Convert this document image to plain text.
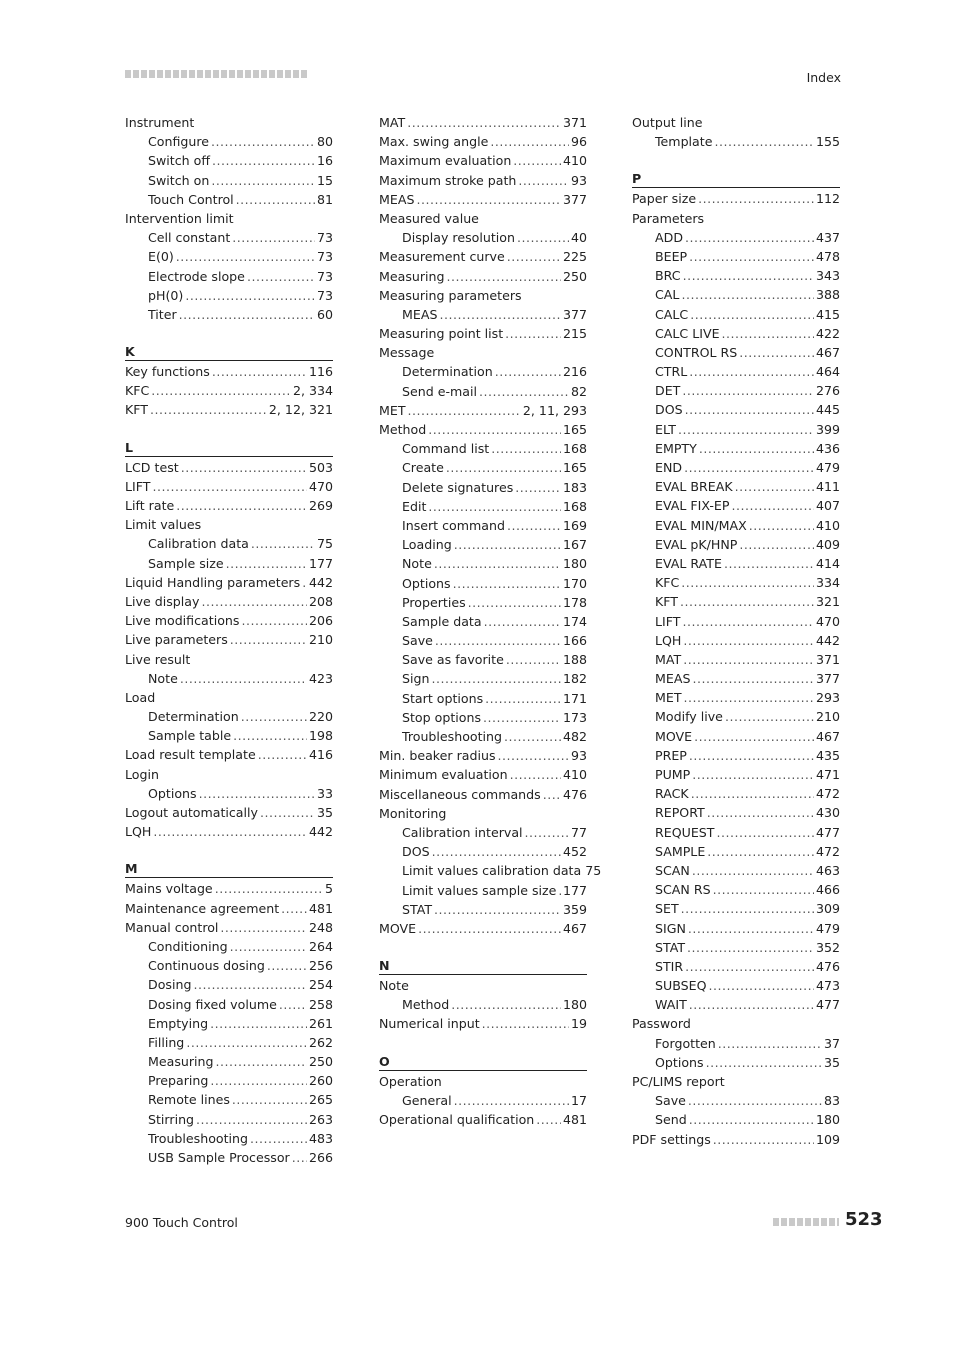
Index
Instrument
Configure .....	80
Switch off .....	16
Switch on .....	15
Touch Control .....	81
Intervention limit
Cell constant .....	73
E(0) .....	73
Electrode slope .....	73
pH(0) .....	73
Titer .....	60
K
Key functions .....	116
KFC .....	2, 334
KFT .....	2, 12, 321
L
LCD test .....	503
LIFT .....	470
Lift rate .....	269
Limit values
Calibration data .....	75
Sample size .....	177
Liquid Handling parameters ..... 442
Live display .....	208
Live modifications .....	206
Live parameters .....	210
Live result
Note .....	423
Load
Determination .....	220
Sample table .....	198
Load result template .....	416
Login
Options .....	33
Logout automatically .....	35
LQH .....	442
M
Mains voltage .....	5
Maintenance agreement ..... 481
Manual control .....	248
Conditioning .....	264
Continuous dosing .....	256
Dosing .....	254
Dosing fixed volume .....	258
Emptying .....	261
Filling .....	262
Measuring .....	250
Preparing .....	260
Remote lines .....	265
Stirring .....	263
Troubleshooting .....	483
USB Sample Processor ..... 266
MAT .....	371
Max. swing angle .....	96
Maximum evaluation .....	410
Maximum stroke path .....	93
MEAS .....	377
Measured value
Display resolution .....	40
Measurement curve .....	225
Measuring .....	250
Measuring parameters
MEAS .....	377
Measuring point list .....	215
Message
Determination .....	216
Send e-mail .....	82
MET .....	2, 11, 293
Method .....	165
Command list .....	168
Create .....	165
Delete signatures .....	183
Edit .....	168
Insert command .....	169
Loading .....	167
Note .....	180
Options .....	170
Properties .....	178
Sample data .....	174
Save .....	166
Save as favorite .....	188
Sign .....	182
Start options .....	171
Stop options .....	173
Troubleshooting .....	482
Min. beaker radius .....	93
Minimum evaluation .....	410
Miscellaneous commands ..... 476
Monitoring
Calibration interval .....	77
DOS .....	452
Limit values calibration data 75
Limit values sample size ..... 177
STAT .....	359
MOVE .....	467
N
Note
Method .....	180
Numerical input .....	19
O
Operation
General .....	17
Operational qualification ..... 481
Output line
Template .....	155
P
Paper size .....	112
Parameters
ADD .....	437
BEEP .....	478
BRC .....	343
CAL .....	388
CALC .....	415
CALC LIVE .....	422
CONTROL RS .....	467
CTRL .....	464
DET .....	276
DOS .....	445
ELT .....	399
EMPTY .....	436
END .....	479
EVAL BREAK .....	411
EVAL FIX-EP .....	407
EVAL MIN/MAX .....	410
EVAL pK/HNP .....	409
EVAL RATE .....	414
KFC .....	334
KFT .....	321
LIFT .....	470
LQH .....	442
MAT .....	371
MEAS .....	377
MET .....	293
Modify live .....	210
MOVE .....	467
PREP .....	435
PUMP .....	471
RACK .....	472
REPORT .....	430
REQUEST .....	477
SAMPLE .....	472
SCAN .....	463
SCAN RS .....	466
SET .....	309
SIGN .....	479
STAT .....	352
STIR .....	476
SUBSEQ .....	473
WAIT .....	477
Password
Forgotten .....	37
Options .....	35
PC/LIMS report
Save .....	83
Send .....	180
PDF settings .....	109
900 Touch Control	523
